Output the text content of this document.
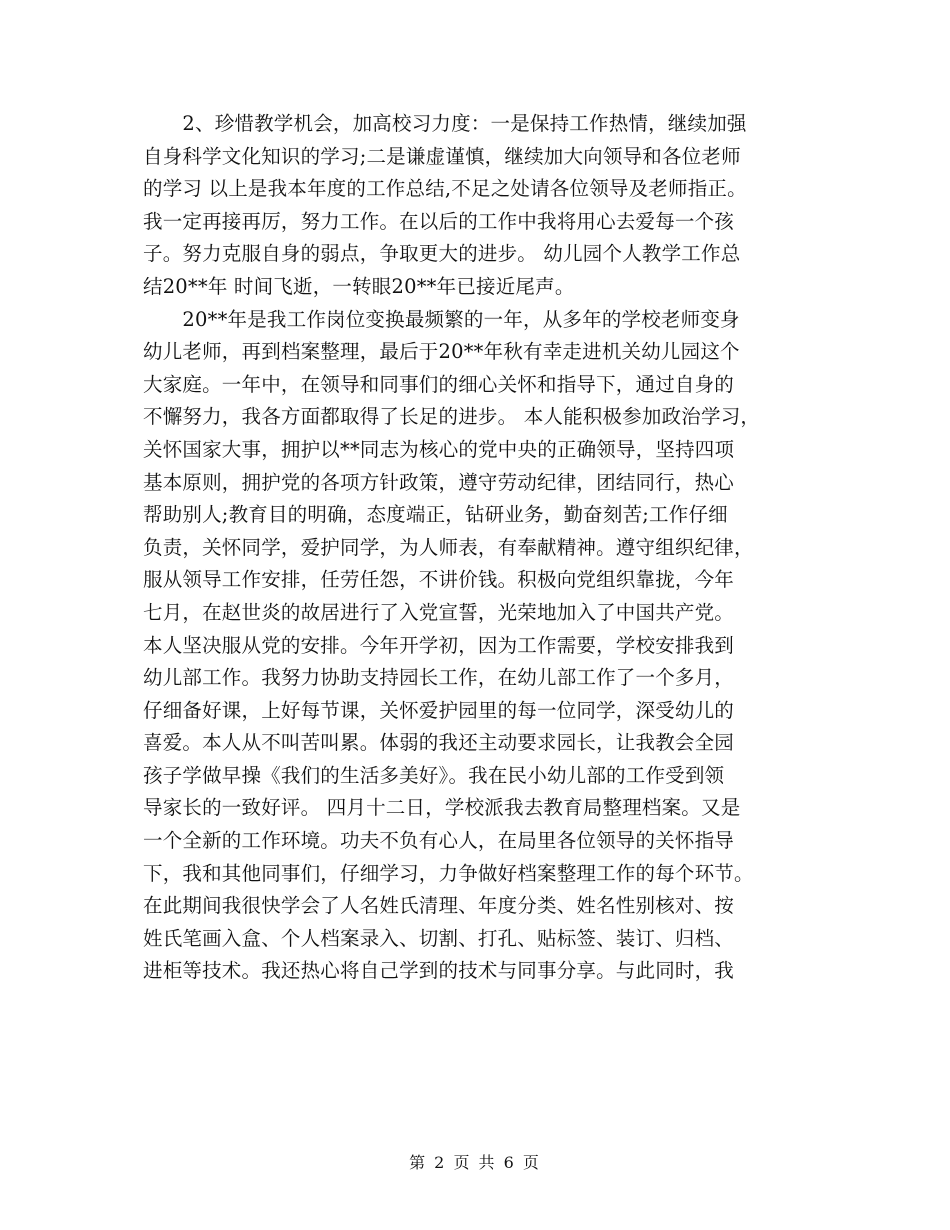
　　2、珍惜教学机会，加高校习力度：一是保持工作热情，继续加强
自身科学文化知识的学习;二是谦虚谨慎，继续加大向领导和各位老师
的学习 以上是我本年度的工作总结,不足之处请各位领导及老师指正。
我一定再接再厉，努力工作。在以后的工作中我将用心去爱每一个孩
子。努力克服自身的弱点，争取更大的进步。 幼儿园个人教学工作总
结20**年 时间飞逝，一转眼20**年已接近尾声。
　　20**年是我工作岗位变换最频繁的一年，从多年的学校老师变身
幼儿老师，再到档案整理，最后于20**年秋有幸走进机关幼儿园这个
大家庭。一年中，在领导和同事们的细心关怀和指导下，通过自身的
不懈努力，我各方面都取得了长足的进步。 本人能积极参加政治学习，
关怀国家大事，拥护以**同志为核心的党中央的正确领导，坚持四项
基本原则，拥护党的各项方针政策，遵守劳动纪律，团结同行，热心
帮助别人;教育目的明确，态度端正，钻研业务，勤奋刻苦;工作仔细
负责，关怀同学，爱护同学，为人师表，有奉献精神。遵守组织纪律，
服从领导工作安排，任劳任怨，不讲价钱。积极向党组织靠拢，今年
七月，在赵世炎的故居进行了入党宣誓，光荣地加入了中国共产党。
本人坚决服从党的安排。今年开学初，因为工作需要，学校安排我到
幼儿部工作。我努力协助支持园长工作，在幼儿部工作了一个多月，
仔细备好课，上好每节课，关怀爱护园里的每一位同学，深受幼儿的
喜爱。本人从不叫苦叫累。体弱的我还主动要求园长，让我教会全园
孩子学做早操《我们的生活多美好》。我在民小幼儿部的工作受到领
导家长的一致好评。 四月十二日，学校派我去教育局整理档案。又是
一个全新的工作环境。功夫不负有心人，在局里各位领导的关怀指导
下，我和其他同事们，仔细学习，力争做好档案整理工作的每个环节。
在此期间我很快学会了人名姓氏清理、年度分类、姓名性别核对、按
姓氏笔画入盒、个人档案录入、切割、打孔、贴标签、装订、归档、
进柜等技术。我还热心将自己学到的技术与同事分享。与此同时，我
第 2 页 共 6 页
